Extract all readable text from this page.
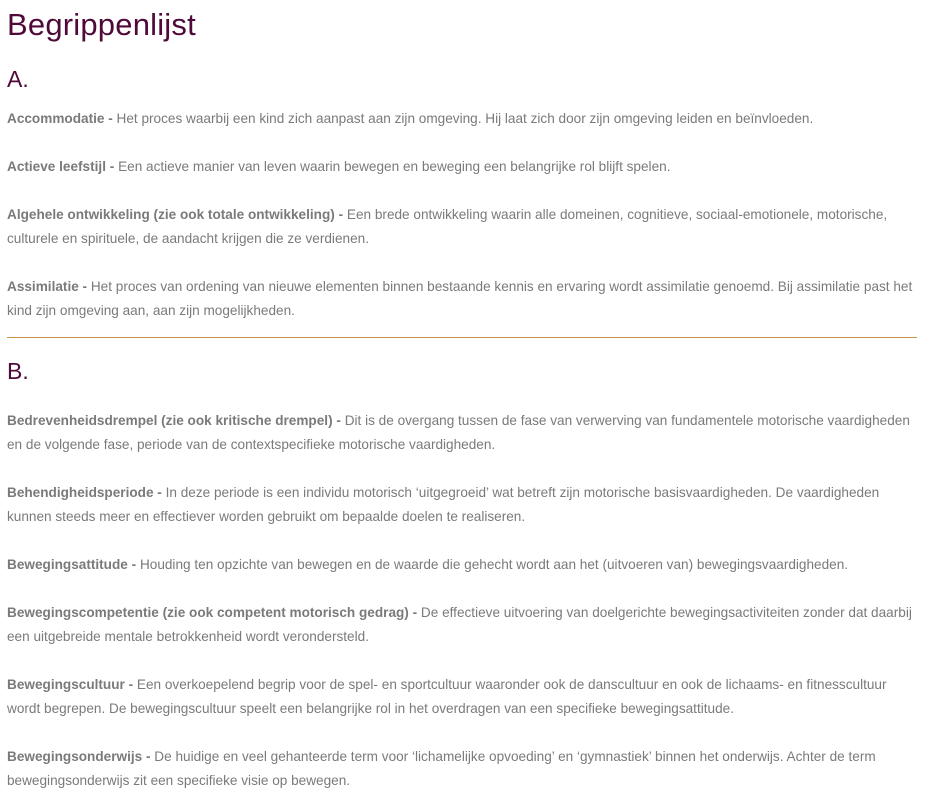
Begrippenlijst
A.

Accommodatie - Het proces waarbij een kind zich aanpast aan zijn omgeving. Hij laat zich door zijn omgeving leiden en beïnvloeden.

Actieve leefstijl - Een actieve manier van leven waarin bewegen en beweging een belangrijke rol blijft spelen.

Algehele ontwikkeling (zie ook totale ontwikkeling) - Een brede ontwikkeling waarin alle domeinen, cognitieve, sociaal-emotionele, motorische, culturele en spirituele, de aandacht krijgen die ze verdienen.

Assimilatie - Het proces van ordening van nieuwe elementen binnen bestaande kennis en ervaring wordt assimilatie genoemd. Bij assimilatie past het kind zijn omgeving aan, aan zijn mogelijkheden.

B.

Bedrevenheidsdrempel (zie ook kritische drempel) - Dit is de overgang tussen de fase van verwerving van fundamentele motorische vaardigheden en de volgende fase, periode van de contextspecifieke motorische vaardigheden.

Behendigheidsperiode - In deze periode is een individu motorisch ‘uitgegroeid’ wat betreft zijn motorische basisvaardigheden. De vaardigheden kunnen steeds meer en effectiever worden gebruikt om bepaalde doelen te realiseren.

Bewegingsattitude - Houding ten opzichte van bewegen en de waarde die gehecht wordt aan het (uitvoeren van) bewegingsvaardigheden.

Bewegingscompetentie (zie ook competent motorisch gedrag) - De effectieve uitvoering van doelgerichte bewegingsactiviteiten zonder dat daarbij een uitgebreide mentale betrokkenheid wordt verondersteld.

Bewegingscultuur - Een overkoepelend begrip voor de spel- en sportcultuur waaronder ook de danscultuur en ook de lichaams- en fitnesscultuur wordt begrepen. De bewegingscultuur speelt een belangrijke rol in het overdragen van een specifieke bewegingsattitude.

Bewegingsonderwijs - De huidige en veel gehanteerde term voor ‘lichamelijke opvoeding’ en ‘gymnastiek’ binnen het onderwijs. Achter de term bewegingsonderwijs zit een specifieke visie op bewegen.
